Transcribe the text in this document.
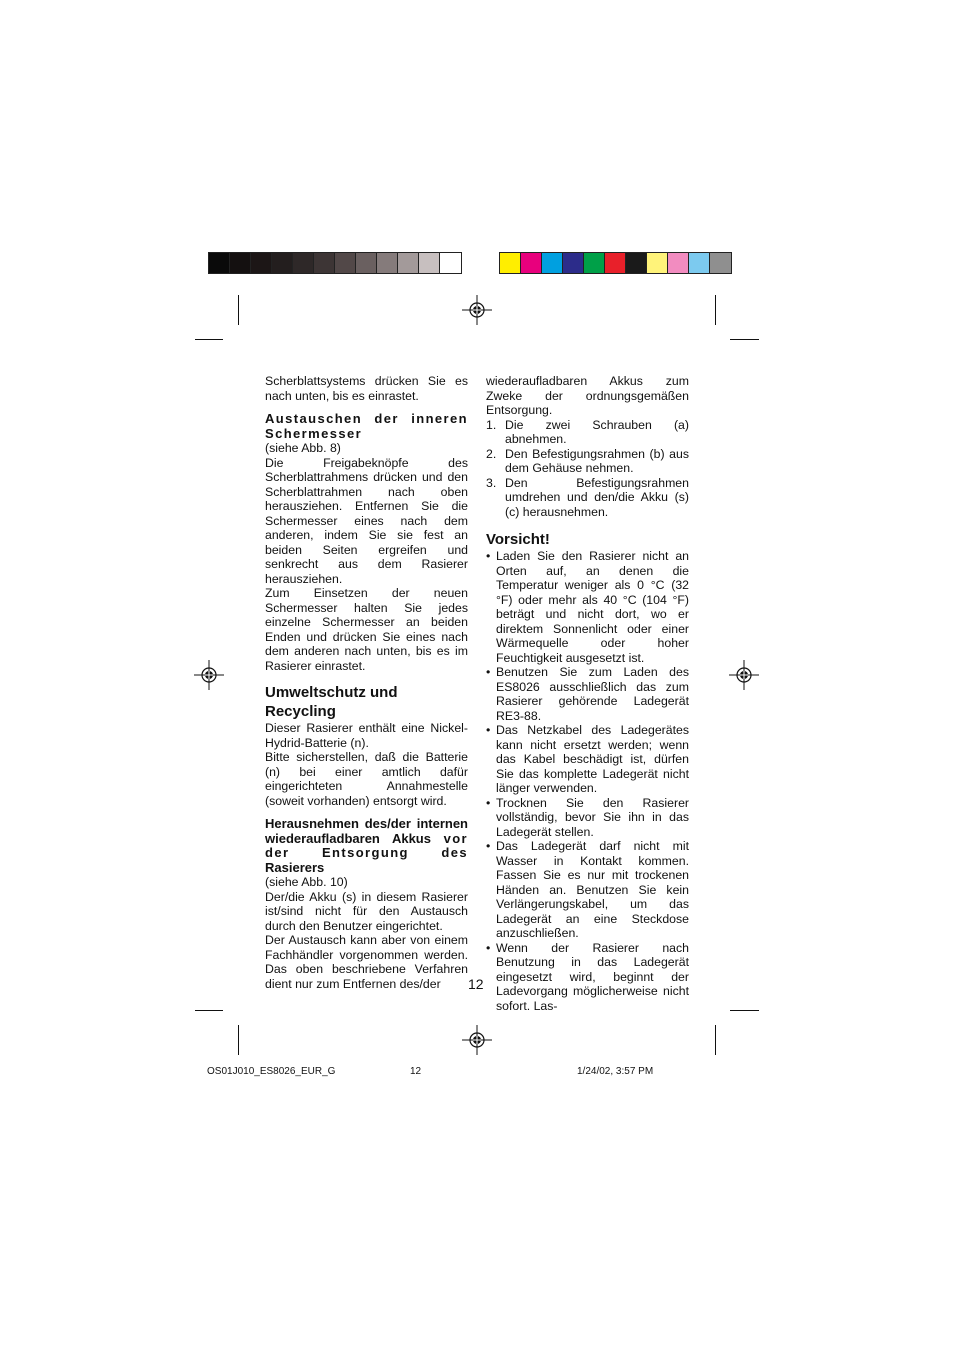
Scherblattsystems drücken Sie es nach unten, bis es einrastet.

Austauschen der inneren Schermesser

(siehe Abb. 8)

Die Freigabeknöpfe des Scherblattrahmens drücken und den Scherblattrahmen nach oben herausziehen. Entfernen Sie die Schermesser eines nach dem anderen, indem Sie sie fest an beiden Seiten ergreifen und senkrecht aus dem Rasierer herausziehen.

Zum Einsetzen der neuen Schermesser halten Sie jedes einzelne Schermesser an beiden Enden und drücken Sie eines nach dem anderen nach unten, bis es im Rasierer einrastet.

Umweltschutz und Recycling

Dieser Rasierer enthält eine Nickel-Hydrid-Batterie (n).

Bitte sicherstellen, daß die Batterie (n) bei einer amtlich dafür eingerichteten Annahmestelle (soweit vorhanden) entsorgt wird.

Herausnehmen des/der internen wiederaufladbaren Akkus vor der Entsorgung des Rasierers

(siehe Abb. 10)

Der/die Akku (s) in diesem Rasierer ist/sind nicht für den Austausch durch den Benutzer eingerichtet.

Der Austausch kann aber von einem Fachhändler vorgenommen werden. Das oben beschriebene Verfahren dient nur zum Entfernen des/der

wiederaufladbaren Akkus zum Zweke der ordnungsgemäßen Entsorgung.

1. Die zwei Schrauben (a) abnehmen.
2. Den Befestigungsrahmen (b) aus dem Gehäuse nehmen.
3. Den Befestigungsrahmen umdrehen und den/die Akku (s) (c) herausnehmen.
Vorsicht!
• Laden Sie den Rasierer nicht an Orten auf, an denen die Temperatur weniger als 0 °C (32 °F) oder mehr als 40 °C (104 °F) beträgt und nicht dort, wo er direktem Sonnenlicht oder einer Wärmequelle oder hoher Feuchtigkeit ausgesetzt ist.
• Benutzen Sie zum Laden des ES8026 ausschließlich das zum Rasierer gehörende Ladegerät RE3-88.
• Das Netzkabel des Ladegerätes kann nicht ersetzt werden; wenn das Kabel beschädigt ist, dürfen Sie das komplette Ladegerät nicht länger verwenden.
• Trocknen Sie den Rasierer vollständig, bevor Sie ihn in das Ladegerät stellen.
• Das Ladegerät darf nicht mit Wasser in Kontakt kommen. Fassen Sie es nur mit trockenen Händen an. Benutzen Sie kein Verlängerungskabel, um das Ladegerät an eine Steckdose anzuschließen.
• Wenn der Rasierer nach Benutzung in das Ladegerät eingesetzt wird, beginnt der Ladevorgang möglicherweise nicht sofort. Las-
12
OS01J010_ES8026_EUR_G	12	1/24/02, 3:57 PM
